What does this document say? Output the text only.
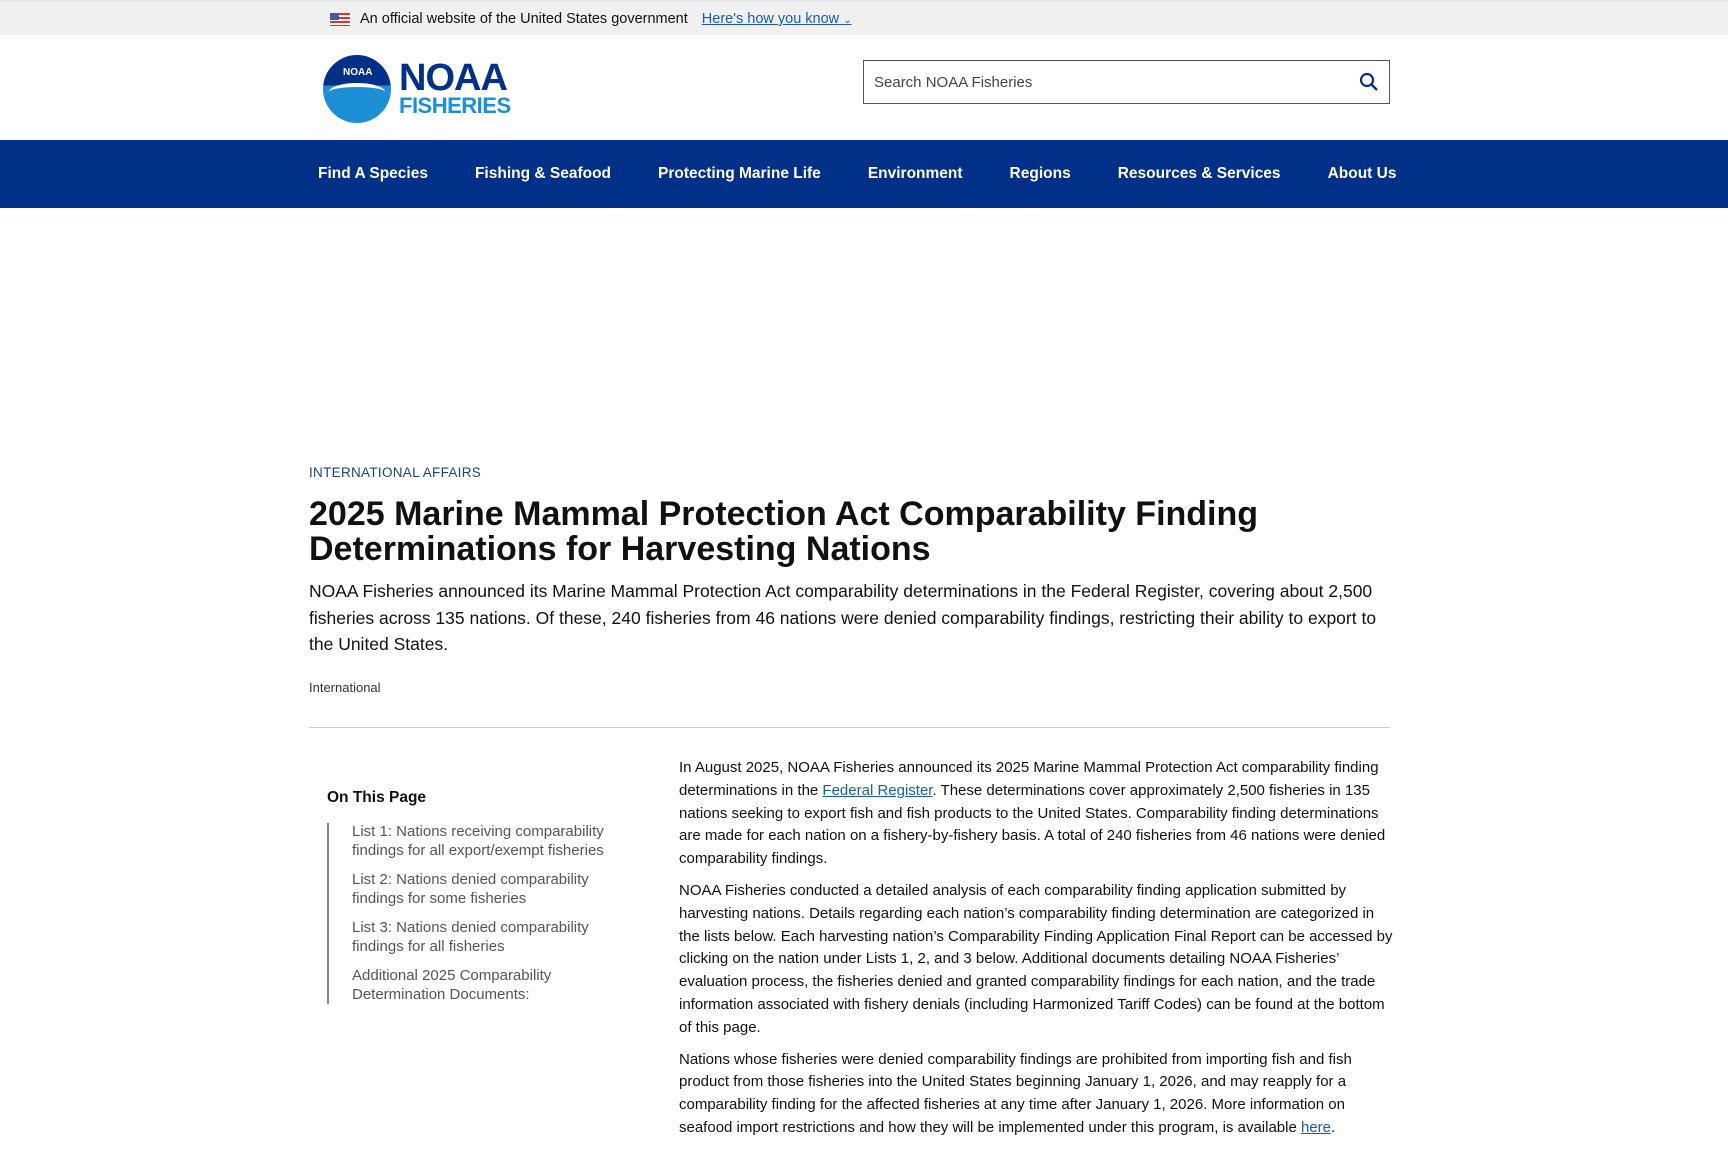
An official website of the United States government Here's how you know ⌄
NOAA NOAA
FISHERIES
Search NOAA Fisheries
Find A Species	Fishing & Seafood	Protecting Marine Life	Environment	Regions	Resources & Services	About Us
INTERNATIONAL AFFAIRS
2025 Marine Mammal Protection Act Comparability Finding Determinations for Harvesting Nations
NOAA Fisheries announced its Marine Mammal Protection Act comparability determinations in the Federal Register, covering about 2,500 fisheries across 135 nations. Of these, 240 fisheries from 46 nations were denied comparability findings, restricting their ability to export to the United States.
International
On This Page
List 1: Nations receiving comparability findings for all export/exempt fisheries
List 2: Nations denied comparability findings for some fisheries
List 3: Nations denied comparability findings for all fisheries
Additional 2025 Comparability Determination Documents:

In August 2025, NOAA Fisheries announced its 2025 Marine Mammal Protection Act comparability finding determinations in the Federal Register. These determinations cover approximately 2,500 fisheries in 135 nations seeking to export fish and fish products to the United States. Comparability finding determinations are made for each nation on a fishery-by-fishery basis. A total of 240 fisheries from 46 nations were denied comparability findings.

NOAA Fisheries conducted a detailed analysis of each comparability finding application submitted by harvesting nations. Details regarding each nation’s comparability finding determination are categorized in the lists below. Each harvesting nation’s Comparability Finding Application Final Report can be accessed by clicking on the nation under Lists 1, 2, and 3 below. Additional documents detailing NOAA Fisheries’ evaluation process, the fisheries denied and granted comparability findings for each nation, and the trade information associated with fishery denials (including Harmonized Tariff Codes) can be found at the bottom of this page.

Nations whose fisheries were denied comparability findings are prohibited from importing fish and fish product from those fisheries into the United States beginning January 1, 2026, and may reapply for a comparability finding for the affected fisheries at any time after January 1, 2026. More information on seafood import restrictions and how they will be implemented under this program, is available here.
